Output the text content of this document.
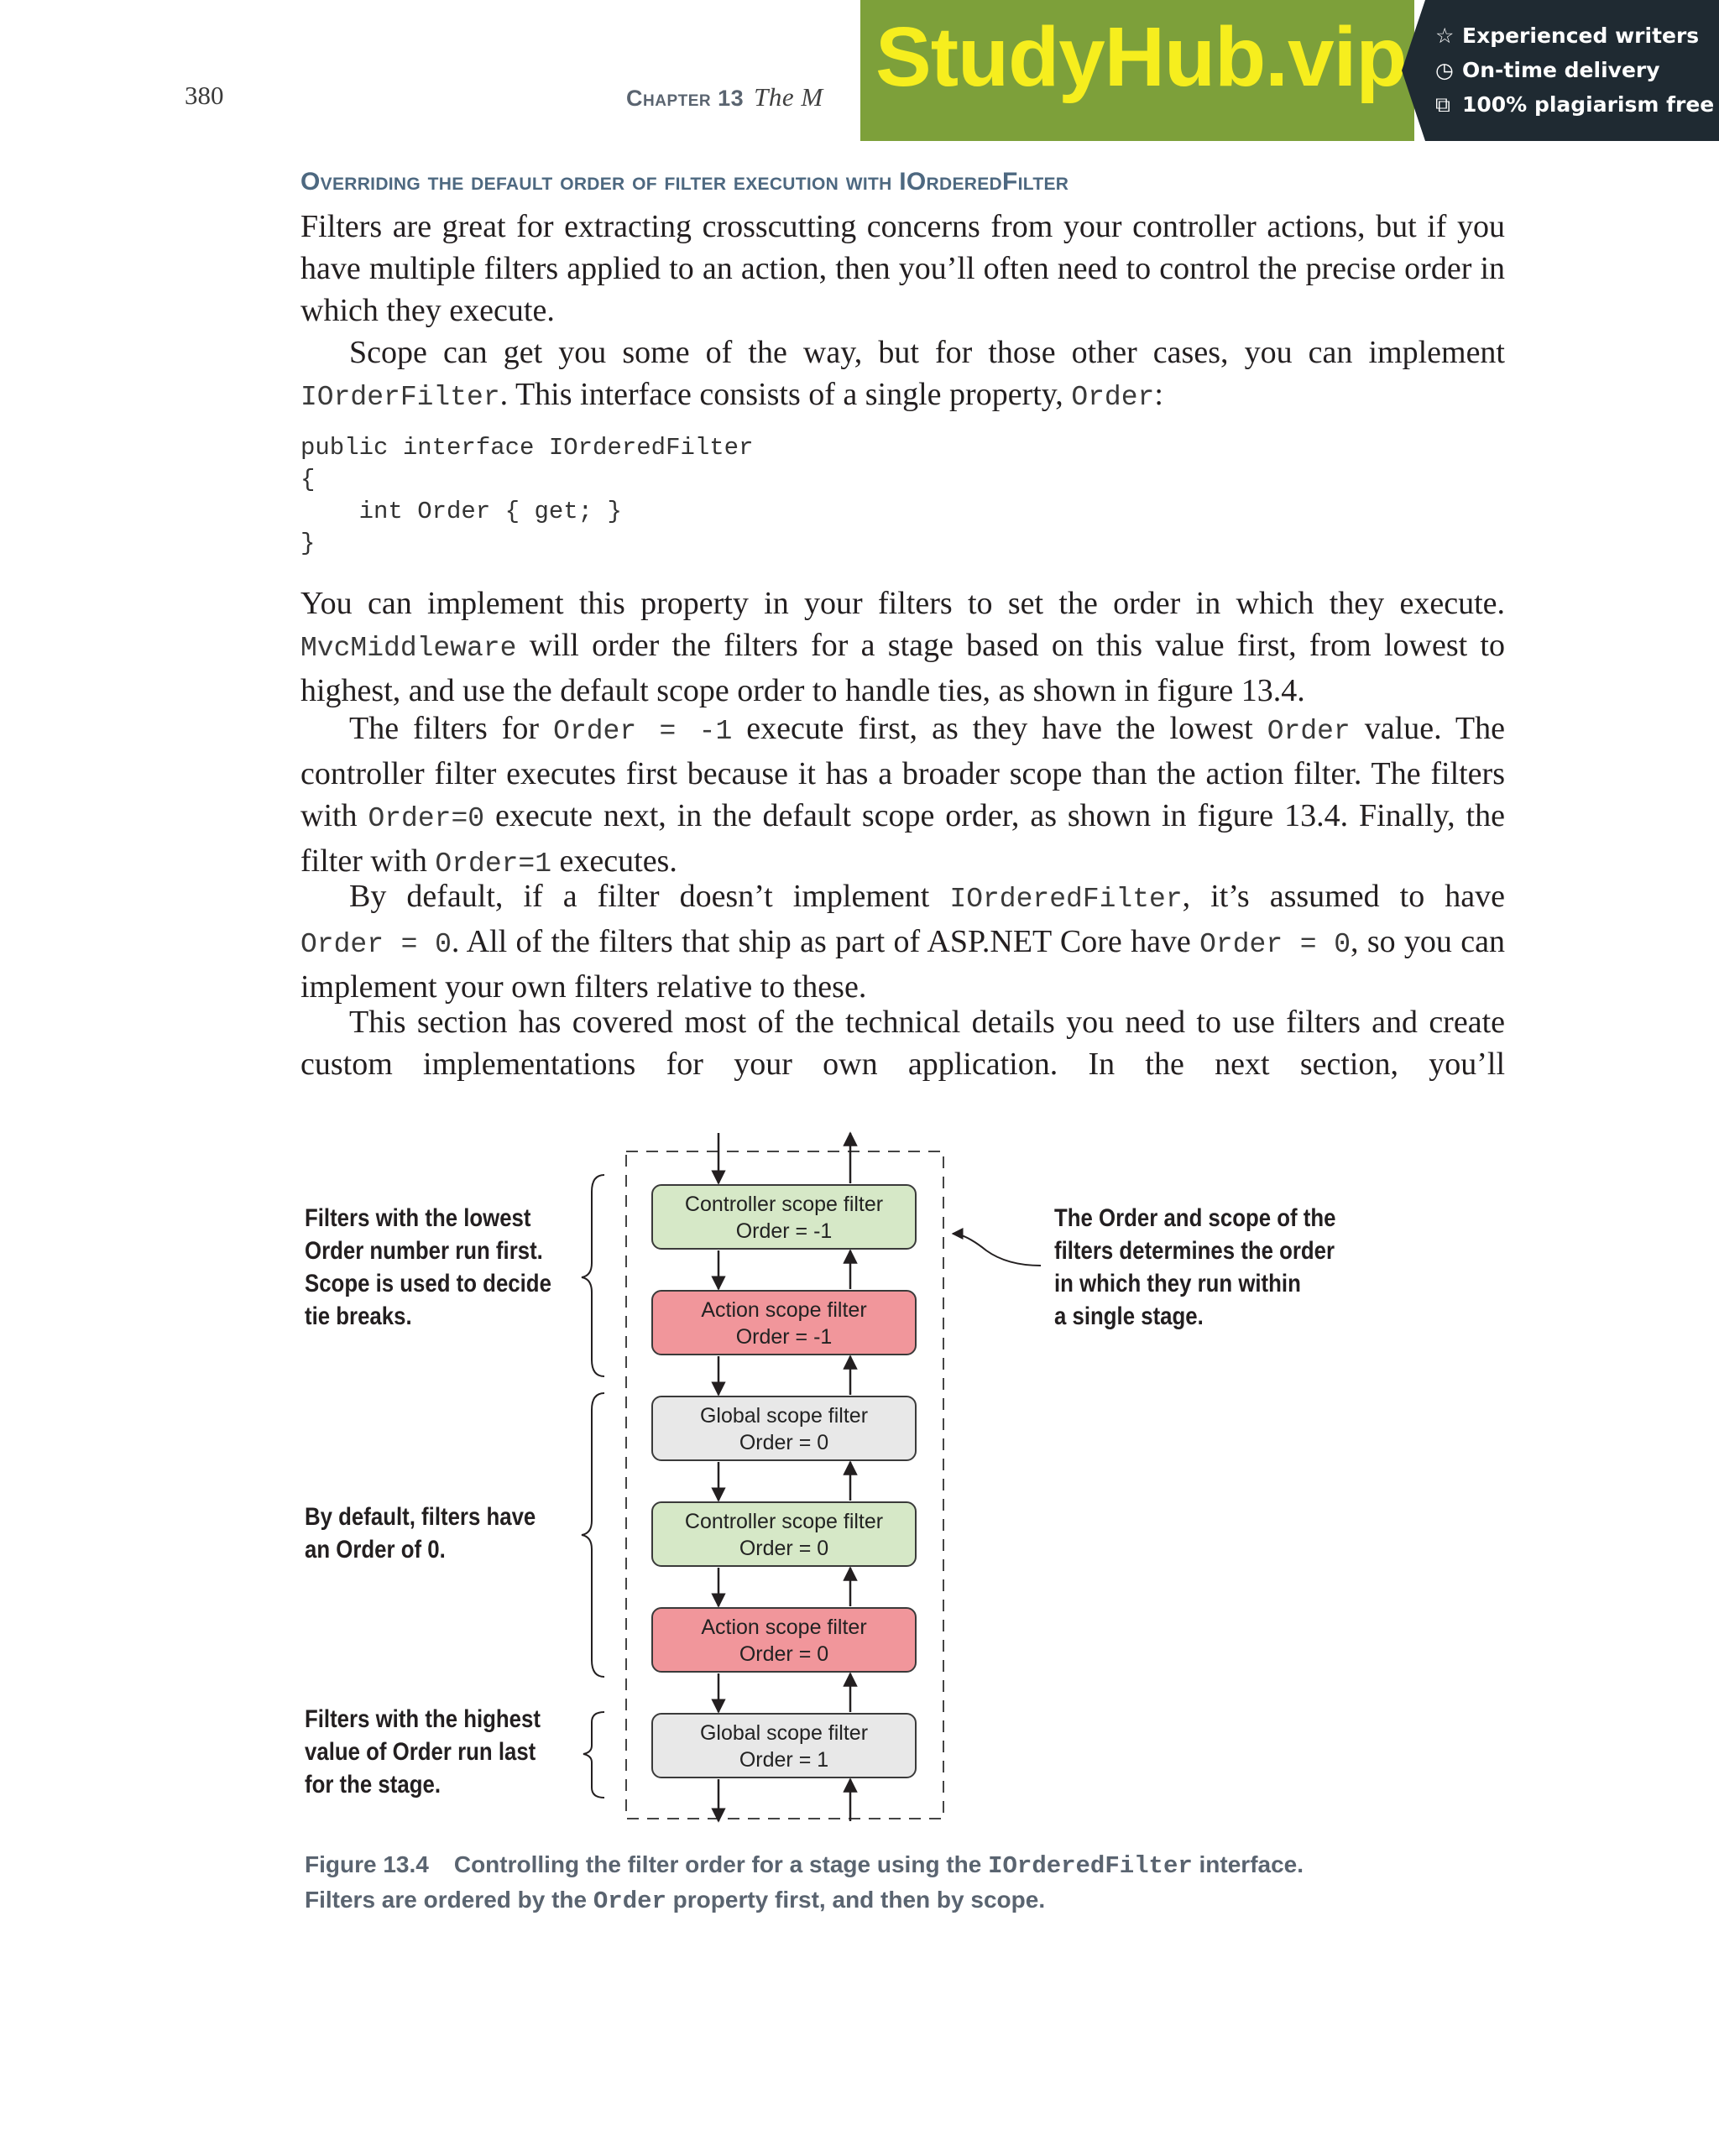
380	Chapter 13 The M StudyHub.vip ☆ Experienced writers
◷ On-time delivery
⧉ 100% plagiarism free
Overriding the default order of filter execution with IOrderedFilter
Filters are great for extracting crosscutting concerns from your controller actions, but if you have multiple filters applied to an action, then you’ll often need to control the precise order in which they execute.
Scope can get you some of the way, but for those other cases, you can implement IOrderFilter. This interface consists of a single property, Order:
public interface IOrderedFilter
{
int Order { get; }
}
You can implement this property in your filters to set the order in which they execute. MvcMiddleware will order the filters for a stage based on this value first, from lowest to highest, and use the default scope order to handle ties, as shown in figure 13.4.
The filters for Order = -1 execute first, as they have the lowest Order value. The controller filter executes first because it has a broader scope than the action filter. The filters with Order=0 execute next, in the default scope order, as shown in figure 13.4. Finally, the filter with Order=1 executes.
By default, if a filter doesn’t implement IOrderedFilter, it’s assumed to have Order = 0. All of the filters that ship as part of ASP.NET Core have Order = 0, so you can implement your own filters relative to these.
This section has covered most of the technical details you need to use filters and create custom implementations for your own application. In the next section, you’ll
Controller scope filter
Order = -1
Action scope filter
Order = -1
Global scope filter
Order = 0
Controller scope filter
Order = 0
Action scope filter
Order = 0
Global scope filter
Order = 1
Filters with the lowest
Order number run first.
Scope is used to decide
tie breaks.
By default, filters have
an Order of 0.
Filters with the highest
value of Order run last
for the stage.
The Order and scope of the
filters determines the order
in which they run within
a single stage.
Figure 13.4 Controlling the filter order for a stage using the IOrderedFilter interface.
Filters are ordered by the Order property first, and then by scope.
